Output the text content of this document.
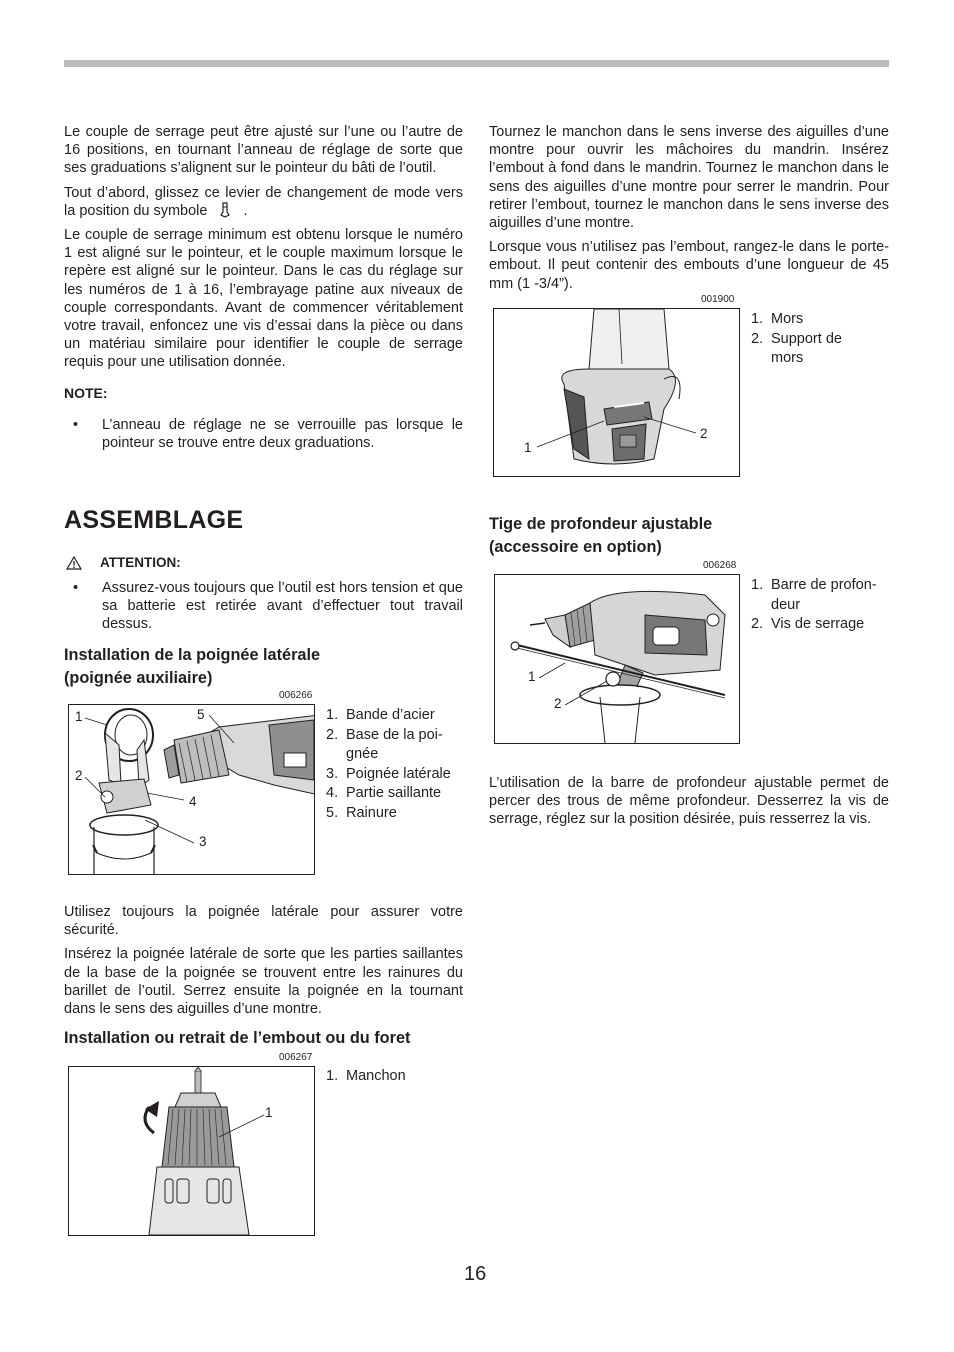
Le couple de serrage peut être ajusté sur l’une ou l’autre de 16 positions, en tournant l’anneau de réglage de sorte que ses graduations s’alignent sur le pointeur du bâti de l’outil.

Tout d’abord, glissez ce levier de changement de mode vers la position du symbole .

Le couple de serrage minimum est obtenu lorsque le numéro 1 est aligné sur le pointeur, et le couple maximum lorsque le repère est aligné sur le pointeur. Dans le cas du réglage sur les numéros de 1 à 16, l’embrayage patine aux niveaux de couple correspondants. Avant de commencer véritablement votre travail, enfoncez une vis d’essai dans la pièce ou dans un matériau similaire pour identifier le couple de serrage requis pour une utilisation donnée.

NOTE:
•	L’anneau de réglage ne se verrouille pas lorsque le pointeur se trouve entre deux graduations.
ASSEMBLAGE
ATTENTION:
•	Assurez-vous toujours que l’outil est hors tension et que sa batterie est retirée avant d’effectuer tout travail dessus.
Installation de la poignée latérale
(poignée auxiliaire)
006266
1
2
5
4
3
1. Bande d’acier
2. Base de la poi-gnée
3. Poignée latérale
4. Partie saillante
5. Rainure

Utilisez toujours la poignée latérale pour assurer votre sécurité.

Insérez la poignée latérale de sorte que les parties saillantes de la base de la poignée se trouvent entre les rainures du barillet de l’outil. Serrez ensuite la poignée en la tournant dans le sens des aiguilles d’une montre.

Installation ou retrait de l’embout ou du foret
006267
1
1. Manchon

Tournez le manchon dans le sens inverse des aiguilles d’une montre pour ouvrir les mâchoires du mandrin. Insérez l’embout à fond dans le mandrin. Tournez le manchon dans le sens des aiguilles d’une montre pour serrer le mandrin. Pour retirer l’embout, tournez le manchon dans le sens inverse des aiguilles d’une montre.

Lorsque vous n’utilisez pas l’embout, rangez-le dans le porte-embout. Il peut contenir des embouts d’une longueur de 45 mm (1 -3/4”).

001900
1
2
1. Mors
2. Support de mors
Tige de profondeur ajustable
(accessoire en option)
006268
1
2
1. Barre de profon-deur
2. Vis de serrage

L’utilisation de la barre de profondeur ajustable permet de percer des trous de même profondeur. Desserrez la vis de serrage, réglez sur la position désirée, puis resserrez la vis.

16
